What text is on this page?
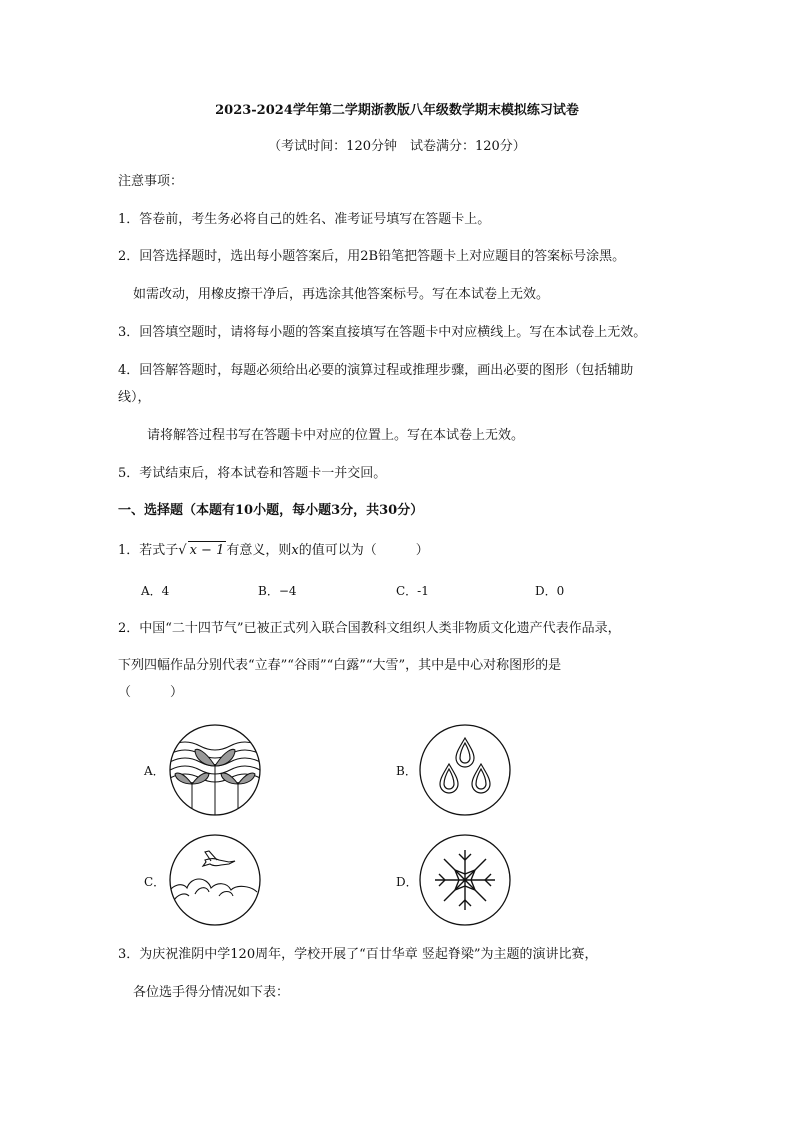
2023-2024学年第二学期浙教版八年级数学期末模拟练习试卷
（考试时间：120分钟　试卷满分：120分）
注意事项：
1．答卷前，考生务必将自己的姓名、准考证号填写在答题卡上。
2．回答选择题时，选出每小题答案后，用2B铅笔把答题卡上对应题目的答案标号涂黑。
如需改动，用橡皮擦干净后，再选涂其他答案标号。写在本试卷上无效。
3．回答填空题时，请将每小题的答案直接填写在答题卡中对应横线上。写在本试卷上无效。
4．回答解答题时，每题必须给出必要的演算过程或推理步骤，画出必要的图形（包括辅助
线），
请将解答过程书写在答题卡中对应的位置上。写在本试卷上无效。
5．考试结束后，将本试卷和答题卡一并交回。
一、选择题（本题有10小题，每小题3分，共30分）
1．若式子√ x − 1 有意义，则x的值可以为（　　　）
A．4	B．−4	C．-1	D．0
2．中国“二十四节气”已被正式列入联合国教科文组织人类非物质文化遗产代表作品录，
下列四幅作品分别代表“立春”“谷雨”“白露”“大雪”，其中是中心对称图形的是
（　　　）
A．	B．
C．	D．
3．为庆祝淮阴中学120周年，学校开展了“百廿华章 竖起脊梁”为主题的演讲比赛，
各位选手得分情况如下表：
